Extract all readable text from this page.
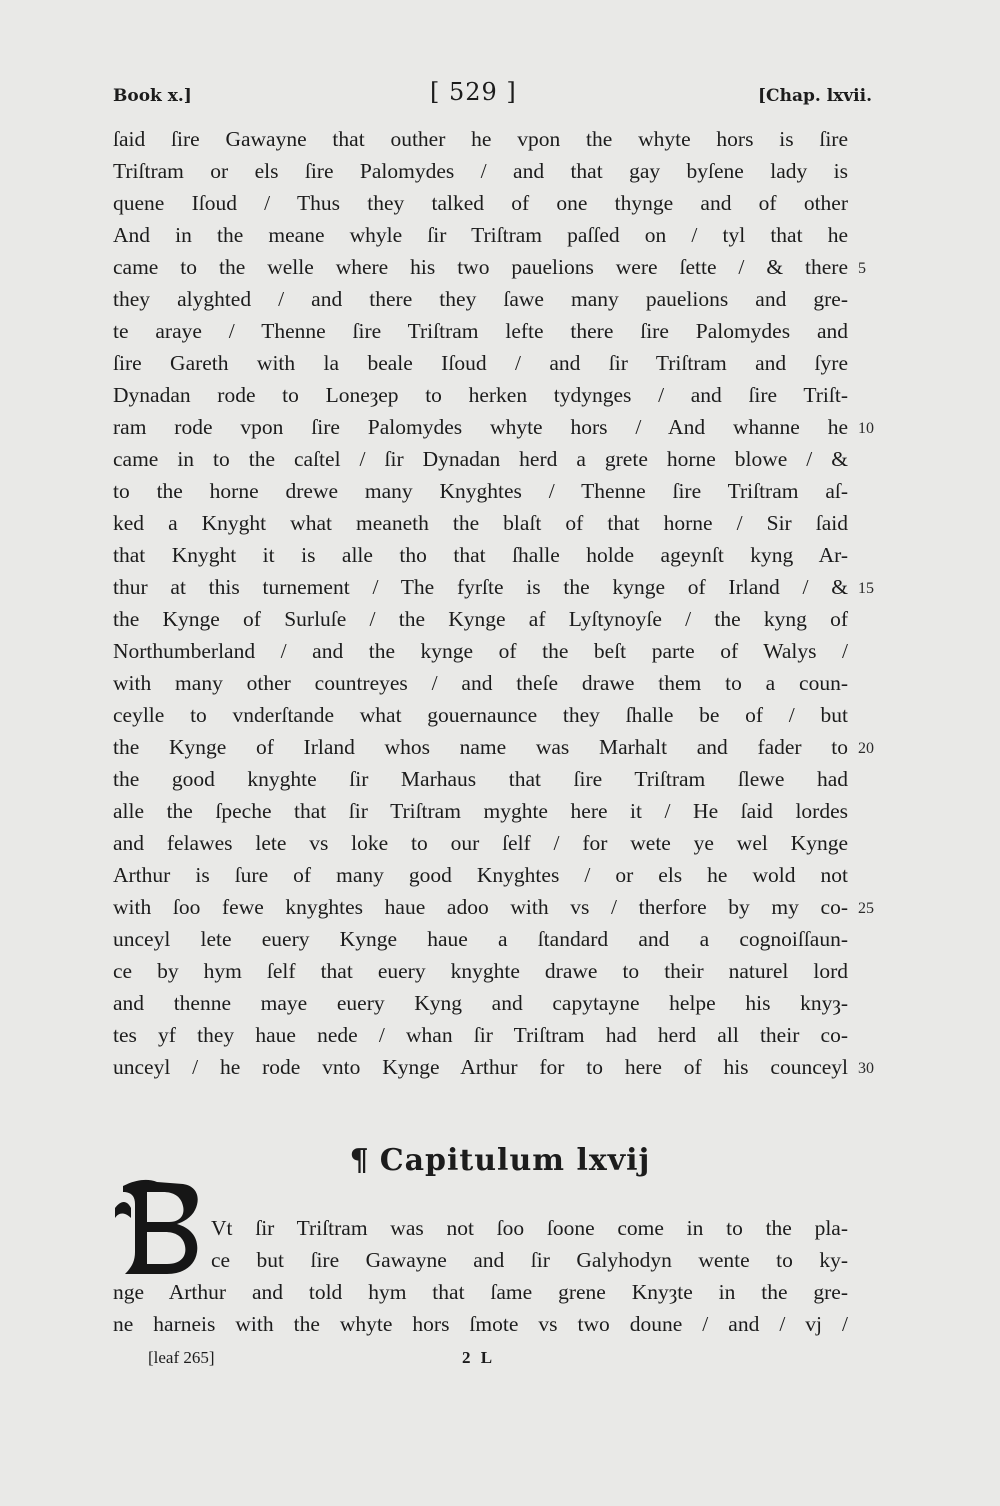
Book x.]	[ 529 ]	[Chap. lxvii.
ſaid ſire Gawayne that outher he vpon the whyte hors is ſire
Triſtram or els ſire Palomydes / and that gay byſene lady is
quene Iſoud / Thus they talked of one thynge and of other
And in the meane whyle ſir Triſtram paſſed on / tyl that he
came to the welle where his two pauelions were ſette / & there 5
they alyghted / and there they ſawe many pauelions and gre-
te araye / Thenne ſire Triſtram lefte there ſire Palomydes and
ſire Gareth with la beale Iſoud / and ſir Triſtram and ſyre
Dynadan rode to Loneȝep to herken tydynges / and ſire Triſt-
ram rode vpon ſire Palomydes whyte hors / And whanne he 10
came in to the caſtel / ſir Dynadan herd a grete horne blowe / &
to the horne drewe many Knyghtes / Thenne ſire Triſtram aſ-
ked a Knyght what meaneth the blaſt of that horne / Sir ſaid
that Knyght it is alle tho that ſhalle holde ageynſt kyng Ar-
thur at this turnement / The fyrſte is the kynge of Irland / & 15
the Kynge of Surluſe / the Kynge af Lyſtynoyſe / the kyng of
Northumberland / and the kynge of the beſt parte of Walys /
with many other countreyes / and theſe drawe them to a coun-
ceylle to vnderſtande what gouernaunce they ſhalle be of / but
the Kynge of Irland whos name was Marhalt and fader to 20
the good knyghte ſir Marhaus that ſire Triſtram ſlewe had
alle the ſpeche that ſir Triſtram myghte here it / He ſaid lordes
and felawes lete vs loke to our ſelf / for wete ye wel Kynge
Arthur is ſure of many good Knyghtes / or els he wold not
with ſoo fewe knyghtes haue adoo with vs / therfore by my co- 25
unceyl lete euery Kynge haue a ſtandard and a cognoiſſaun-
ce by hym ſelf that euery knyghte drawe to their naturel lord
and thenne maye euery Kyng and capytayne helpe his knyȝ-
tes yf they haue nede / whan ſir Triſtram had herd all their co-
unceyl / he rode vnto Kynge Arthur for to here of his counceyl 30
¶ Capitulum lxvij
B
Vt ſir Triſtram was not ſoo ſoone come in to the pla-
ce but ſire Gawayne and ſir Galyhodyn wente to ky-
nge Arthur and told hym that ſame grene Knyȝte in the gre-
ne harneis with the whyte hors ſmote vs two doune / and / vj /
[leaf 265]	2 L
